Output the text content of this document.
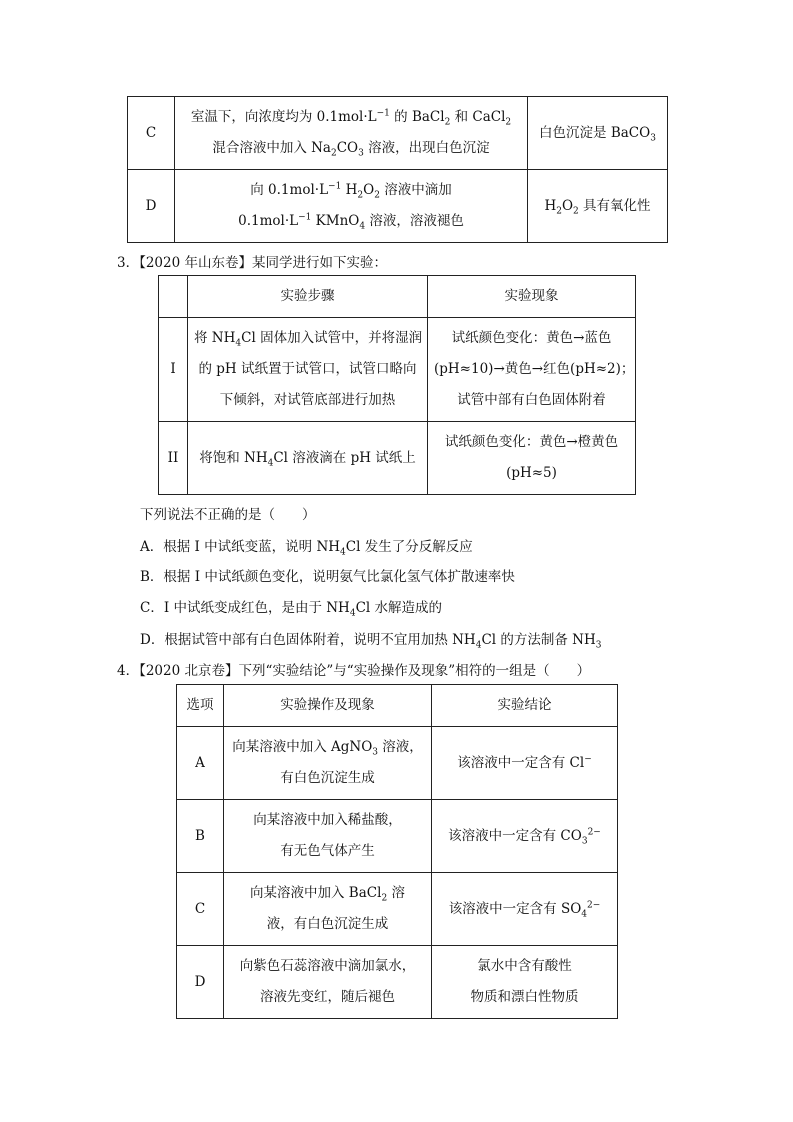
C	室温下，向浓度均为 $0.1mol\cdot L^{-1}$ 的 BaCl$_2$ 和 CaCl$_2$
混合溶液中加入 $Na_2CO_3$ 溶液，出现白色沉淀	白色沉淀是 BaCO$_3$
D	向 $0.1mol\cdot L^{-1}$ $H_2O_2$ 溶液中滴加
$0.1mol\cdot L^{-1}$ KMnO$_4$ 溶液，溶液褪色	$H_2O_2$ 具有氧化性
3．【2020 年山东卷】某同学进行如下实验：
	实验步骤	实验现象
I	将 $NH_4Cl$ 固体加入试管中，并将湿润
的 pH 试纸置于试管口，试管口略向
下倾斜，对试管底部进行加热	试纸颜色变化：黄色→蓝色
(pH≈10)→黄色→红色(pH≈2)；
试管中部有白色固体附着

II	将饱和 $NH_4Cl$ 溶液滴在 pH 试纸上	试纸颜色变化：黄色→橙黄色
(pH≈5)
下列说法不正确的是（　　）
A．根据 I 中试纸变蓝，说明 $NH_4Cl$ 发生了分反解反应
B．根据 I 中试纸颜色变化，说明氨气比氯化氢气体扩散速率快
C．I 中试纸变成红色，是由于 $NH_4Cl$ 水解造成的
D．根据试管中部有白色固体附着，说明不宜用加热 $NH_4Cl$ 的方法制备 $NH_3$
4．【2020 北京卷】下列“实验结论”与“实验操作及现象”相符的一组是（　　）
选项	实验操作及现象	实验结论
A	向某溶液中加入 AgNO$_3$ 溶液，
有白色沉淀生成	该溶液中一定含有 Cl−
B	向某溶液中加入稀盐酸，
有无色气体产生	该溶液中一定含有 $CO_3^{2-}$
C	向某溶液中加入 BaCl$_2$ 溶
液，有白色沉淀生成	该溶液中一定含有 $SO_4^{2-}$
D	向紫色石蕊溶液中滴加氯水，
溶液先变红，随后褪色	氯水中含有酸性
物质和漂白性物质
